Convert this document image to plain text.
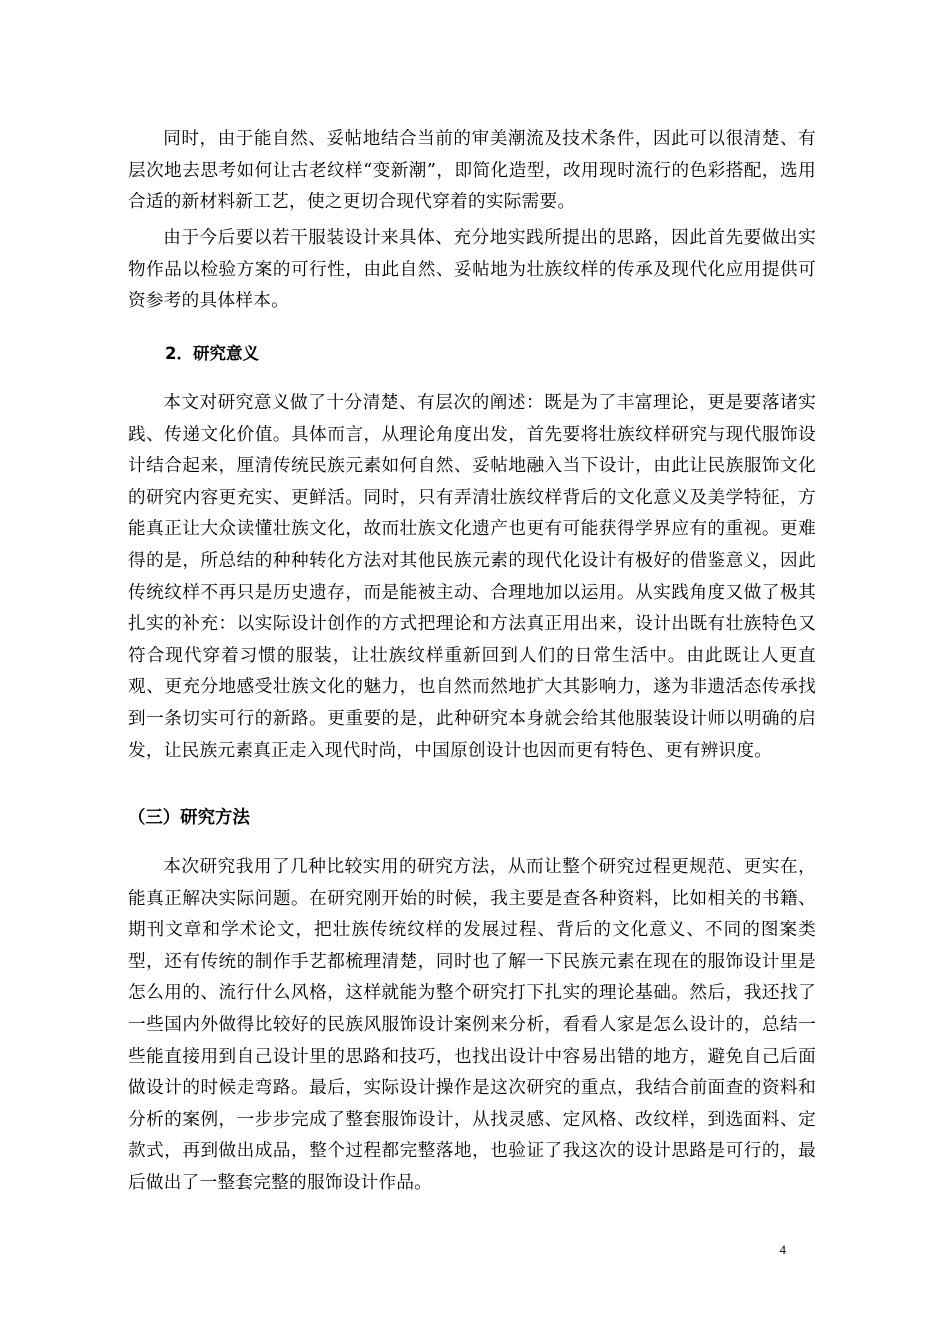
同时，由于能自然、妥帖地结合当前的审美潮流及技术条件，因此可以很清楚、有层次地去思考如何让古老纹样“变新潮”，即简化造型，改用现时流行的色彩搭配，选用合适的新材料新工艺，使之更切合现代穿着的实际需要。

由于今后要以若干服装设计来具体、充分地实践所提出的思路，因此首先要做出实物作品以检验方案的可行性，由此自然、妥帖地为壮族纹样的传承及现代化应用提供可资参考的具体样本。

2．研究意义

本文对研究意义做了十分清楚、有层次的阐述：既是为了丰富理论，更是要落诸实践、传递文化价值。具体而言，从理论角度出发，首先要将壮族纹样研究与现代服饰设计结合起来，厘清传统民族元素如何自然、妥帖地融入当下设计，由此让民族服饰文化的研究内容更充实、更鲜活。同时，只有弄清壮族纹样背后的文化意义及美学特征，方能真正让大众读懂壮族文化，故而壮族文化遗产也更有可能获得学界应有的重视。更难得的是，所总结的种种转化方法对其他民族元素的现代化设计有极好的借鉴意义，因此传统纹样不再只是历史遗存，而是能被主动、合理地加以运用。从实践角度又做了极其扎实的补充：以实际设计创作的方式把理论和方法真正用出来，设计出既有壮族特色又符合现代穿着习惯的服装，让壮族纹样重新回到人们的日常生活中。由此既让人更直观、更充分地感受壮族文化的魅力，也自然而然地扩大其影响力，遂为非遗活态传承找到一条切实可行的新路。更重要的是，此种研究本身就会给其他服装设计师以明确的启发，让民族元素真正走入现代时尚，中国原创设计也因而更有特色、更有辨识度。

（三）研究方法

本次研究我用了几种比较实用的研究方法，从而让整个研究过程更规范、更实在，能真正解决实际问题。在研究刚开始的时候，我主要是查各种资料，比如相关的书籍、期刊文章和学术论文，把壮族传统纹样的发展过程、背后的文化意义、不同的图案类型，还有传统的制作手艺都梳理清楚，同时也了解一下民族元素在现在的服饰设计里是怎么用的、流行什么风格，这样就能为整个研究打下扎实的理论基础。然后，我还找了一些国内外做得比较好的民族风服饰设计案例来分析，看看人家是怎么设计的，总结一些能直接用到自己设计里的思路和技巧，也找出设计中容易出错的地方，避免自己后面做设计的时候走弯路。最后，实际设计操作是这次研究的重点，我结合前面查的资料和分析的案例，一步步完成了整套服饰设计，从找灵感、定风格、改纹样，到选面料、定款式，再到做出成品，整个过程都完整落地，也验证了我这次的设计思路是可行的，最后做出了一整套完整的服饰设计作品。

4
